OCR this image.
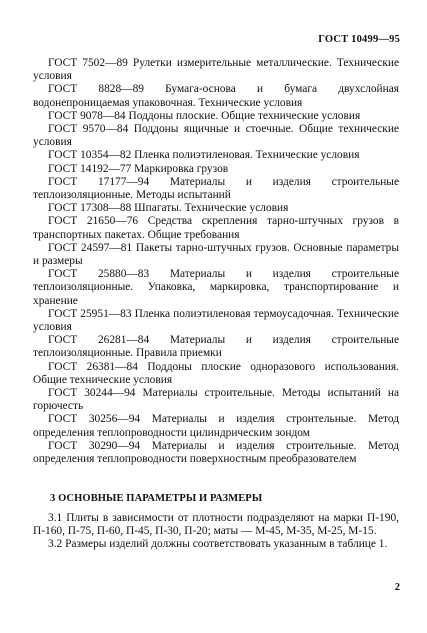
ГОСТ 10499—95

ГОСТ 7502—89 Рулетки измерительные металлические. Технические условия

ГОСТ 8828—89 Бумага-основа и бумага двухслойная водонепроницаемая упаковочная. Технические условия

ГОСТ 9078—84 Поддоны плоские. Общие технические условия

ГОСТ 9570—84 Поддоны ящичные и стоечные. Общие технические условия

ГОСТ 10354—82 Пленка полиэтиленовая. Технические условия

ГОСТ 14192—77 Маркировка грузов

ГОСТ 17177—94 Материалы и изделия строительные теплоизоляционные. Методы испытаний

ГОСТ 17308—88 Шпагаты. Технические условия

ГОСТ 21650—76 Средства скрепления тарно-штучных грузов в транспортных пакетах. Общие требования

ГОСТ 24597—81 Пакеты тарно-штучных грузов. Основные параметры и размеры

ГОСТ 25880—83 Материалы и изделия строительные теплоизоляционные. Упаковка, маркировка, транспортирование и хранение

ГОСТ 25951—83 Пленка полиэтиленовая термоусадочная. Технические условия

ГОСТ 26281—84 Материалы и изделия строительные теплоизоляционные. Правила приемки

ГОСТ 26381—84 Поддоны плоские одноразового использования. Общие технические условия

ГОСТ 30244—94 Материалы строительные. Методы испытаний на горючесть

ГОСТ 30256—94 Материалы и изделия строительные. Метод определения теплопроводности цилиндрическим зондом

ГОСТ 30290—94 Материалы и изделия строительные. Метод определения теплопроводности поверхностным преобразователем

3 ОСНОВНЫЕ ПАРАМЕТРЫ И РАЗМЕРЫ

3.1 Плиты в зависимости от плотности подразделяют на марки П-190, П-160, П-75, П-60, П-45, П-30, П-20; маты — М-45, М-35, М-25, М-15.

3.2 Размеры изделий должны соответствовать указанным в таблице 1.

2
